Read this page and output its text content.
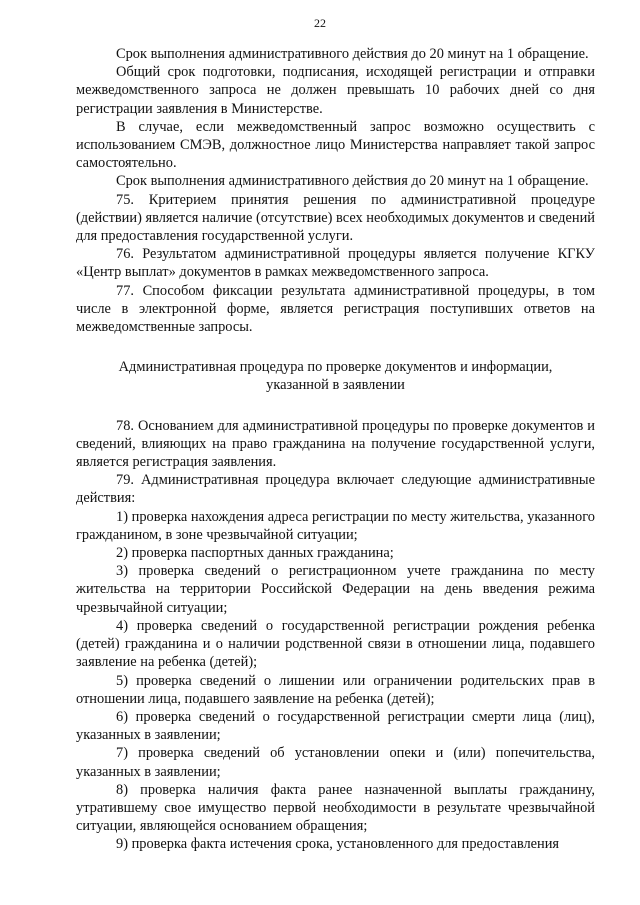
22

Срок выполнения административного действия до 20 минут на 1 обращение.

Общий срок подготовки, подписания, исходящей регистрации и отправки межведомственного запроса не должен превышать 10 рабочих дней со дня регистрации заявления в Министерстве.

В случае, если межведомственный запрос возможно осуществить с использованием СМЭВ, должностное лицо Министерства направляет такой запрос самостоятельно.

Срок выполнения административного действия до 20 минут на 1 обращение.

75. Критерием принятия решения по административной процедуре (действии) является наличие (отсутствие) всех необходимых документов и сведений для предоставления государственной услуги.

76. Результатом административной процедуры является получение КГКУ «Центр выплат» документов в рамках межведомственного запроса.

77. Способом фиксации результата административной процедуры, в том числе в электронной форме, является регистрация поступивших ответов на межведомственные запросы.

Административная процедура по проверке документов и информации,
указанной в заявлении

78. Основанием для административной процедуры по проверке документов и сведений, влияющих на право гражданина на получение государственной услуги, является регистрация заявления.

79. Административная процедура включает следующие административные действия:

1) проверка нахождения адреса регистрации по месту жительства, указанного гражданином, в зоне чрезвычайной ситуации;

2) проверка паспортных данных гражданина;

3) проверка сведений о регистрационном учете гражданина по месту жительства на территории Российской Федерации на день введения режима чрезвычайной ситуации;

4) проверка сведений о государственной регистрации рождения ребенка (детей) гражданина и о наличии родственной связи в отношении лица, подавшего заявление на ребенка (детей);

5) проверка сведений о лишении или ограничении родительских прав в отношении лица, подавшего заявление на ребенка (детей);

6) проверка сведений о государственной регистрации смерти лица (лиц), указанных в заявлении;

7) проверка сведений об установлении опеки и (или) попечительства, указанных в заявлении;

8) проверка наличия факта ранее назначенной выплаты гражданину, утратившему свое имущество первой необходимости в результате чрезвычайной ситуации, являющейся основанием обращения;

9) проверка факта истечения срока, установленного для предоставления
